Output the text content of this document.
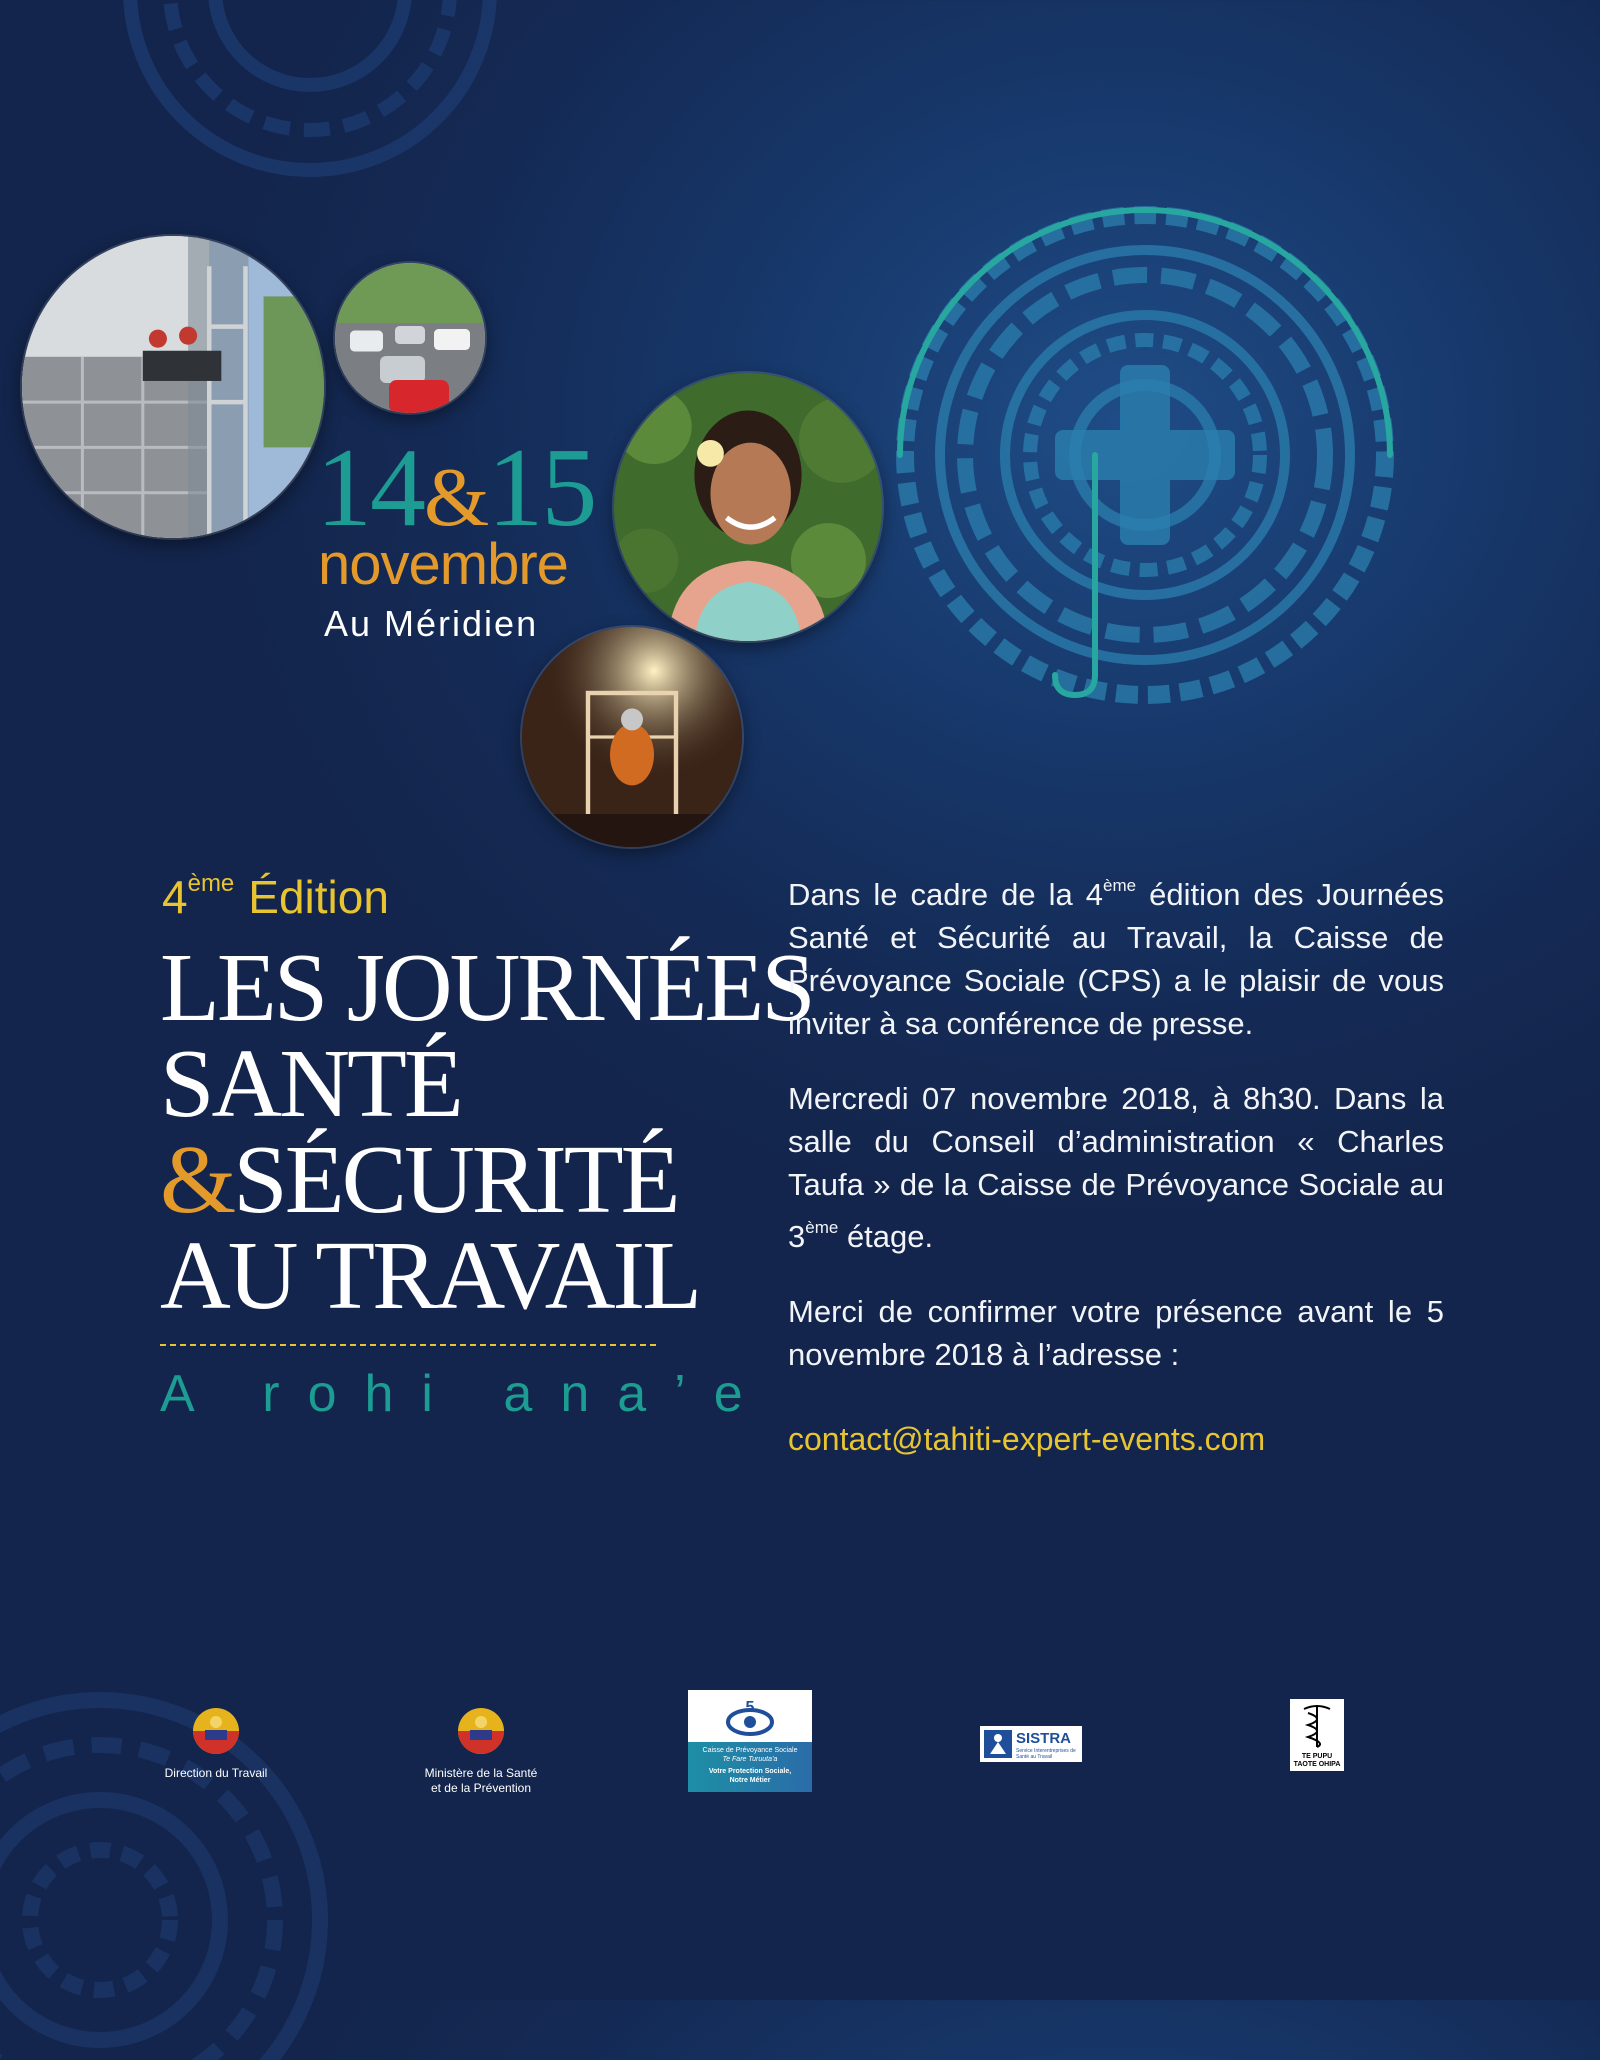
14&15
novembre
Au Méridien
4ème Édition
LES JOURNÉES
SANTÉ
&SÉCURITÉ
AU TRAVAIL
A rohi ana’e
Dans le cadre de la 4ème édition des Journées Santé et Sécurité au Travail, la Caisse de Prévoyance Sociale (CPS) a le plaisir de vous inviter à sa conférence de presse.
Mercredi 07 novembre 2018, à 8h30. Dans la salle du Conseil d’administration « Charles Taufa » de la Caisse de Prévoyance Sociale au 3ème étage.
Merci de confirmer votre présence avant le 5 novembre 2018 à l’adresse :
contact@tahiti-expert-events.com
Direction du Travail	Ministère de la Santé
et de la Prévention
5
Caisse de Prévoyance Sociale
Te Fare Turuuta’a
Votre Protection Sociale,
Notre Métier
SISTRA
Service Interentreprises de Santé au Travail	TE PUPU TAOTE OHIPA
